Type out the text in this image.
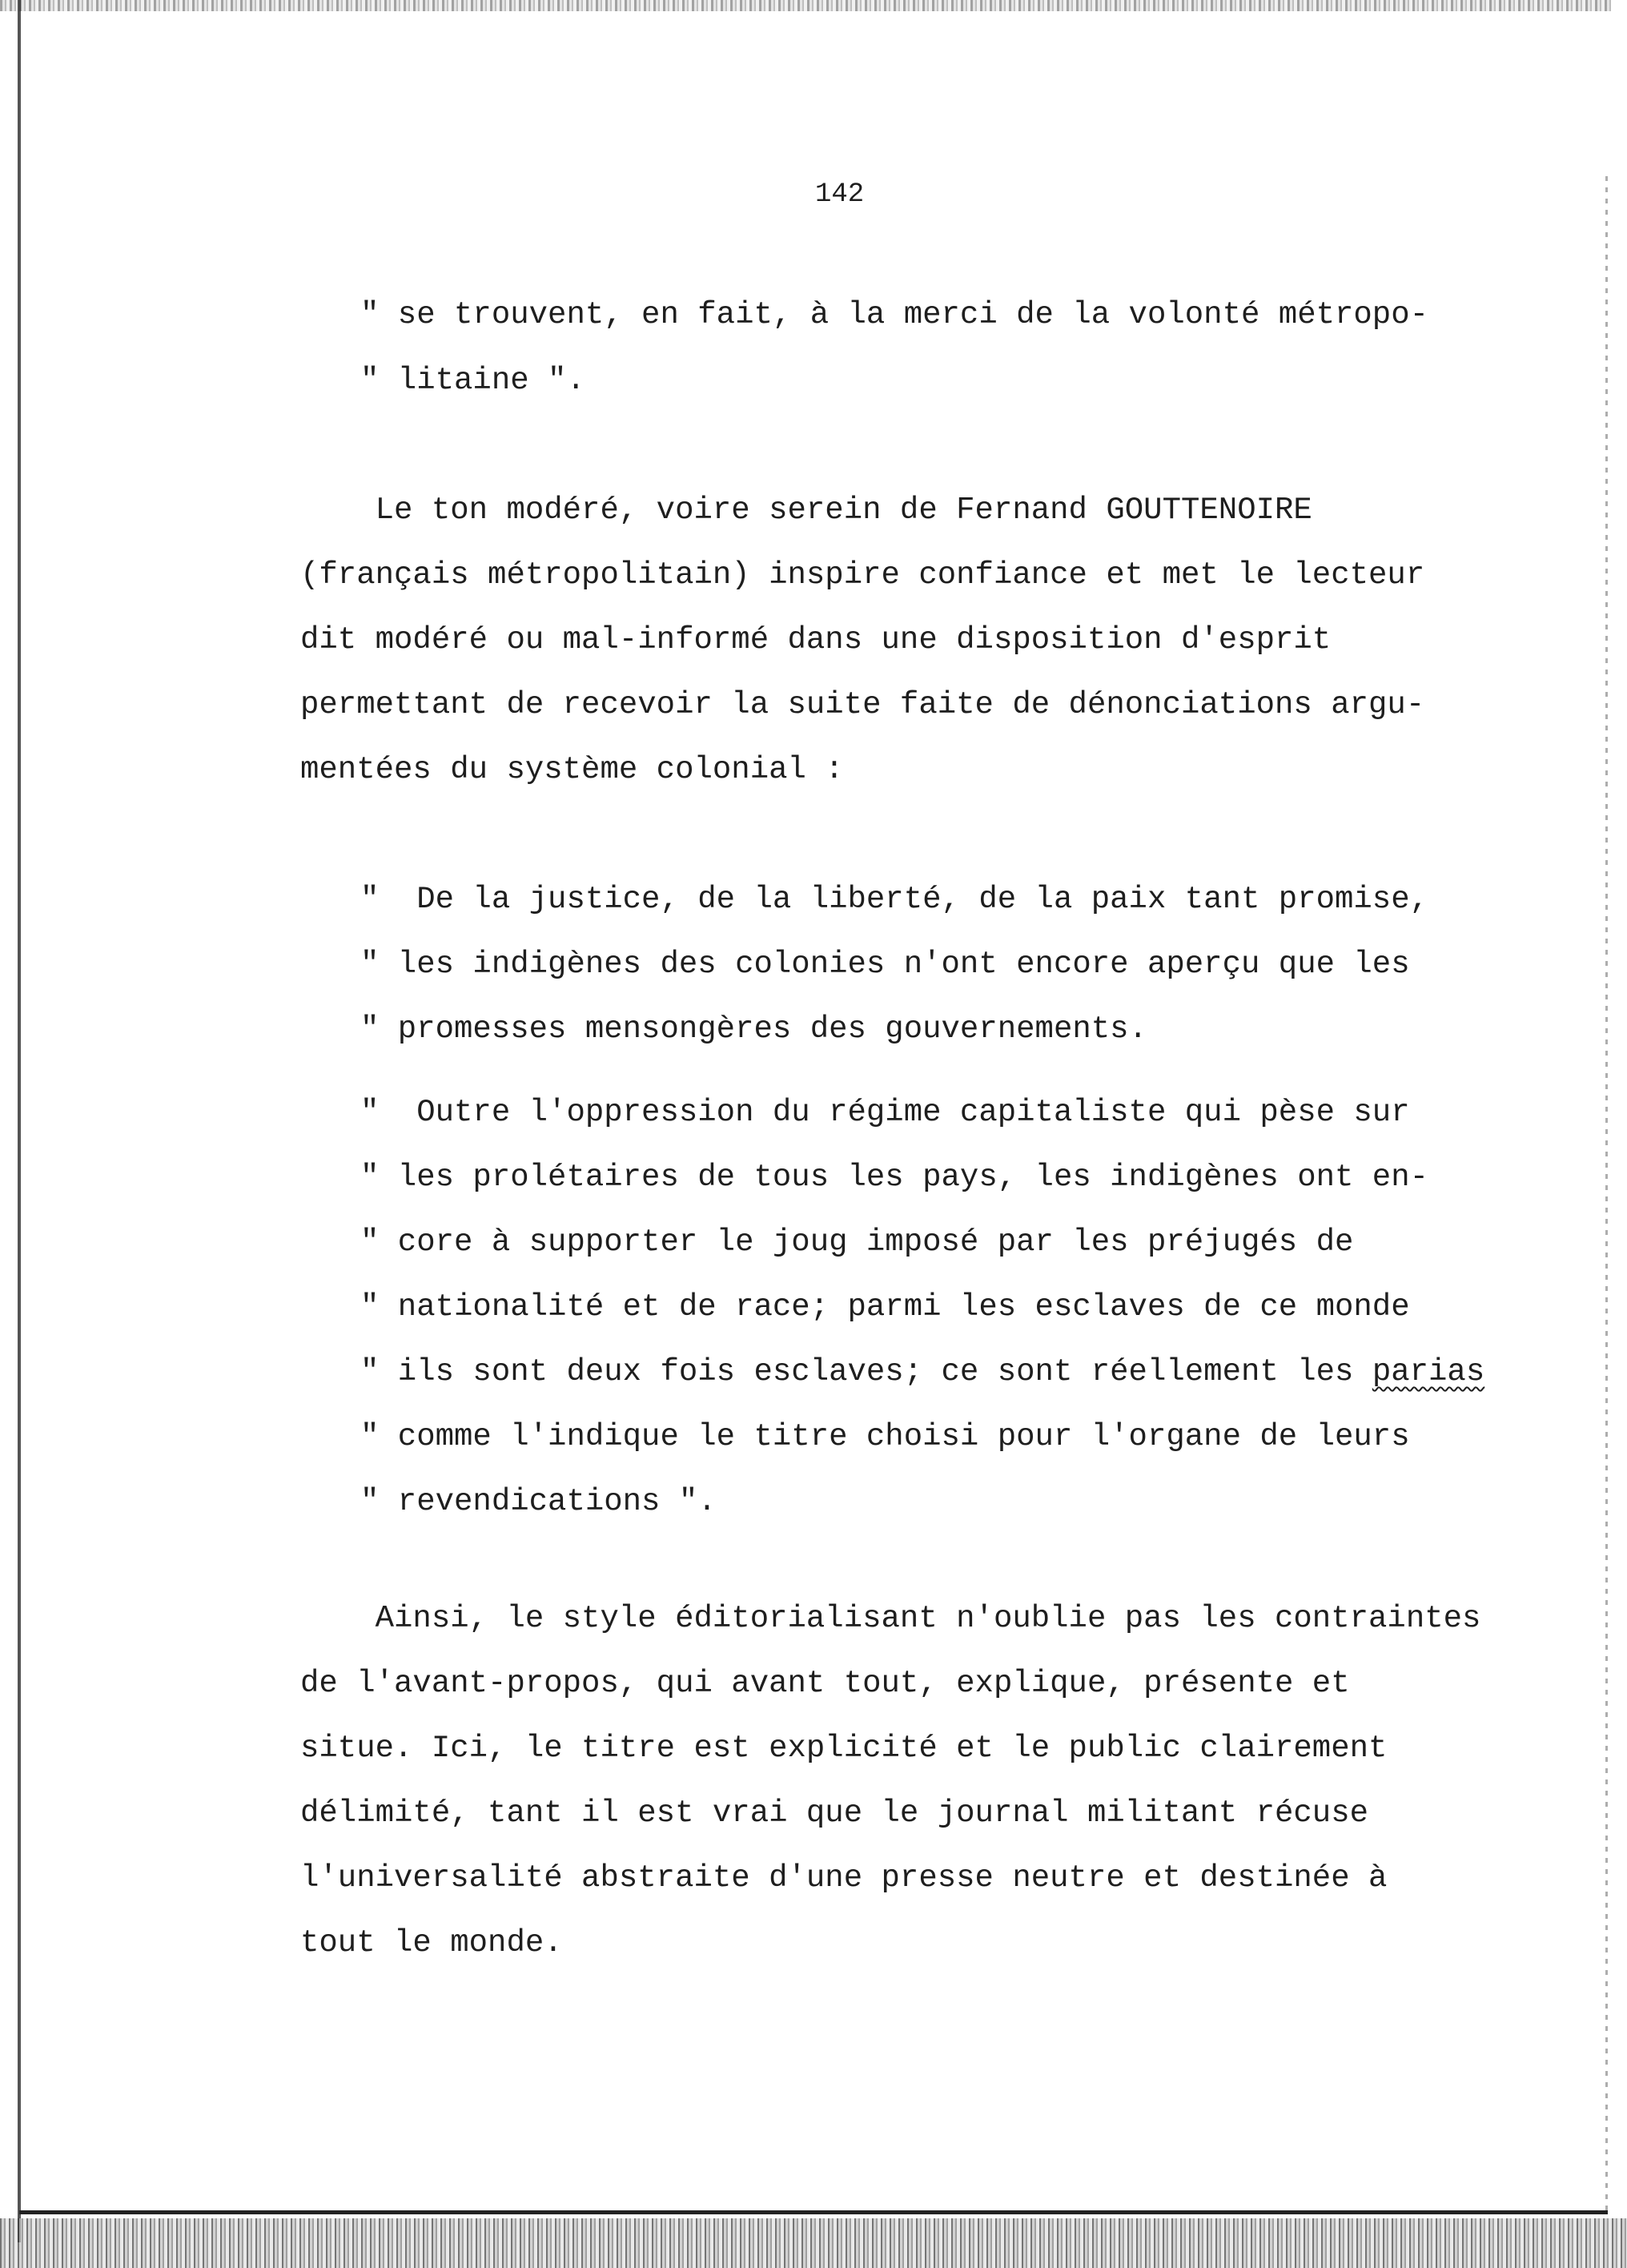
142
" se trouvent, en fait, à la merci de la volonté métropo-
" litaine ".
Le ton modéré, voire serein de Fernand GOUTTENOIRE
(français métropolitain) inspire confiance et met le lecteur
dit modéré ou mal-informé dans une disposition d'esprit
permettant de recevoir la suite faite de dénonciations argu-
mentées du système colonial :
"  De la justice, de la liberté, de la paix tant promise,
" les indigènes des colonies n'ont encore aperçu que les
" promesses mensongères des gouvernements.
"  Outre l'oppression du régime capitaliste qui pèse sur
" les prolétaires de tous les pays, les indigènes ont en-
" core à supporter le joug imposé par les préjugés de
" nationalité et de race; parmi les esclaves de ce monde
" ils sont deux fois esclaves; ce sont réellement les parias
" comme l'indique le titre choisi pour l'organe de leurs
" revendications ".
Ainsi, le style éditorialisant n'oublie pas les contraintes
de l'avant-propos, qui avant tout, explique, présente et
situe. Ici, le titre est explicité et le public clairement
délimité, tant il est vrai que le journal militant récuse
l'universalité abstraite d'une presse neutre et destinée à
tout le monde.
